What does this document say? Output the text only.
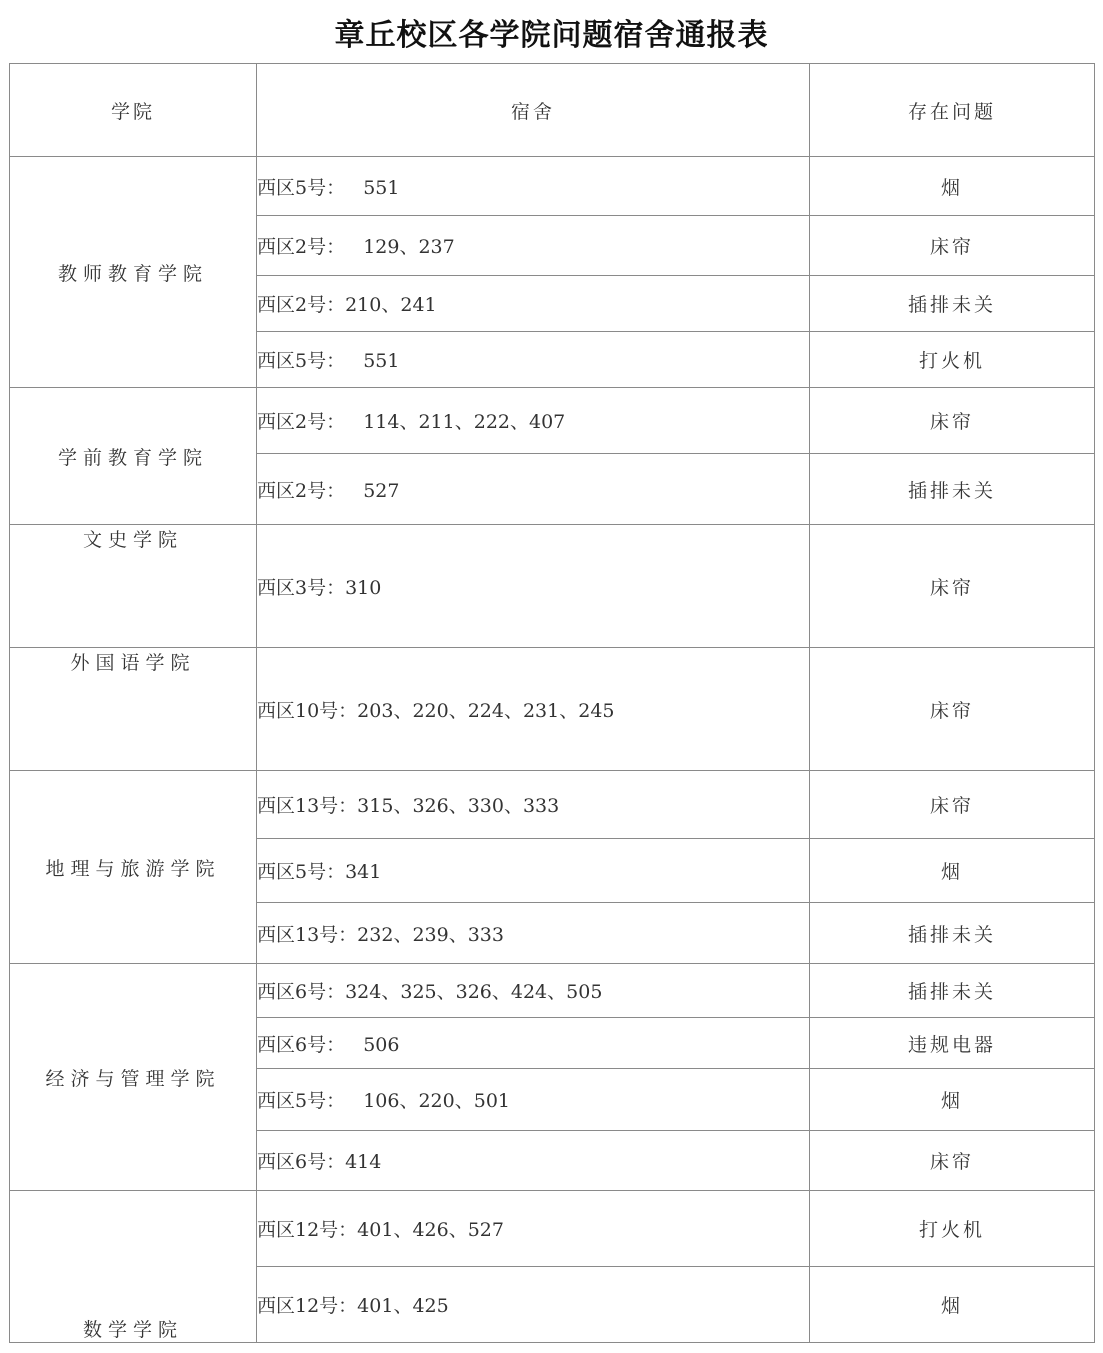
章丘校区各学院问题宿舍通报表
学院	宿舍	存在问题
教师教育学院	西区5号：   551	烟
	西区2号：   129、237	床帘
	西区2号：210、241	插排未关
	西区5号：   551	打火机
学前教育学院	西区2号：   114、211、222、407	床帘
	西区2号：   527	插排未关
文史学院	西区3号：310	床帘
外国语学院	西区10号：203、220、224、231、245	床帘
地理与旅游学院	西区13号：315、326、330、333	床帘
	西区5号：341	烟
	西区13号：232、239、333	插排未关
经济与管理学院	西区6号：324、325、326、424、505	插排未关
	西区6号：   506	违规电器
	西区5号：   106、220、501	烟
	西区6号：414	床帘
数学学院	西区12号：401、426、527	打火机
	西区12号：401、425	烟
